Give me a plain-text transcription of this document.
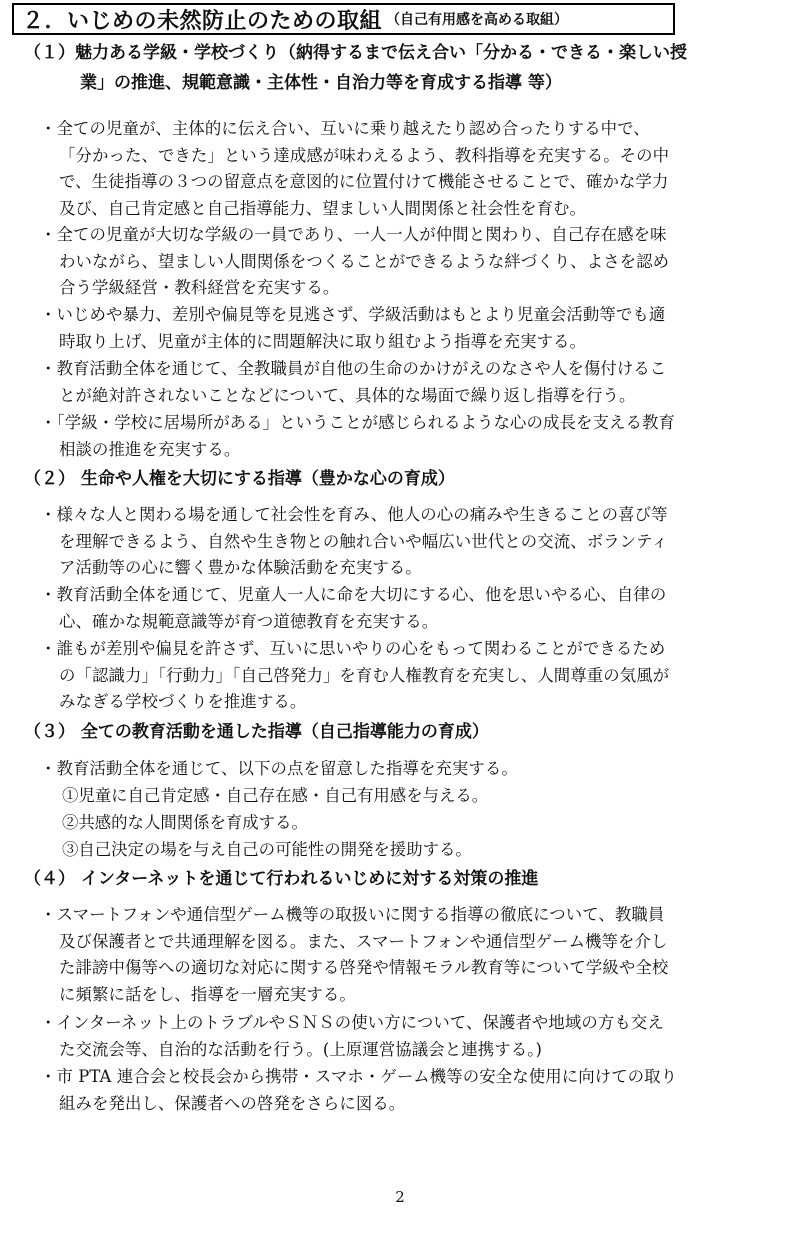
２．いじめの未然防止のための取組 （自己有用感を高める取組）
（１）魅力ある学級・学校づくり（納得するまで伝え合い「分かる・できる・楽しい授
業」の推進、規範意識・主体性・自治力等を育成する指導 等）
・全ての児童が、主体的に伝え合い、互いに乗り越えたり認め合ったりする中で、
「分かった、できた」という達成感が味わえるよう、教科指導を充実する。その中
で、生徒指導の３つの留意点を意図的に位置付けて機能させることで、確かな学力
及び、自己肯定感と自己指導能力、望ましい人間関係と社会性を育む。
・全ての児童が大切な学級の一員であり、一人一人が仲間と関わり、自己存在感を味
わいながら、望ましい人間関係をつくることができるような絆づくり、よさを認め
合う学級経営・教科経営を充実する。
・いじめや暴力、差別や偏見等を見逃さず、学級活動はもとより児童会活動等でも適
時取り上げ、児童が主体的に問題解決に取り組むよう指導を充実する。
・教育活動全体を通じて、全教職員が自他の生命のかけがえのなさや人を傷付けるこ
とが絶対許されないことなどについて、具体的な場面で繰り返し指導を行う。
・「学級・学校に居場所がある」ということが感じられるような心の成長を支える教育
相談の推進を充実する。
（２） 生命や人権を大切にする指導（豊かな心の育成）
・様々な人と関わる場を通して社会性を育み、他人の心の痛みや生きることの喜び等
を理解できるよう、自然や生き物との触れ合いや幅広い世代との交流、ボランティ
ア活動等の心に響く豊かな体験活動を充実する。
・教育活動全体を通じて、児童人一人に命を大切にする心、他を思いやる心、自律の
心、確かな規範意識等が育つ道徳教育を充実する。
・誰もが差別や偏見を許さず、互いに思いやりの心をもって関わることができるため
の「認識力」「行動力」「自己啓発力」を育む人権教育を充実し、人間尊重の気風が
みなぎる学校づくりを推進する。
（３） 全ての教育活動を通した指導（自己指導能力の育成）
・教育活動全体を通じて、以下の点を留意した指導を充実する。
①児童に自己肯定感・自己存在感・自己有用感を与える。
②共感的な人間関係を育成する。
③自己決定の場を与え自己の可能性の開発を援助する。
（４） インターネットを通じて行われるいじめに対する対策の推進
・スマートフォンや通信型ゲーム機等の取扱いに関する指導の徹底について、教職員
及び保護者とで共通理解を図る。また、スマートフォンや通信型ゲーム機等を介し
た誹謗中傷等への適切な対応に関する啓発や情報モラル教育等について学級や全校
に頻繁に話をし、指導を一層充実する。
・インターネット上のトラブルやＳＮＳの使い方について、保護者や地域の方も交え
た交流会等、自治的な活動を行う。(上原運営協議会と連携する。)
・市 PTA 連合会と校長会から携帯・スマホ・ゲーム機等の安全な使用に向けての取り
組みを発出し、保護者への啓発をさらに図る。
2
